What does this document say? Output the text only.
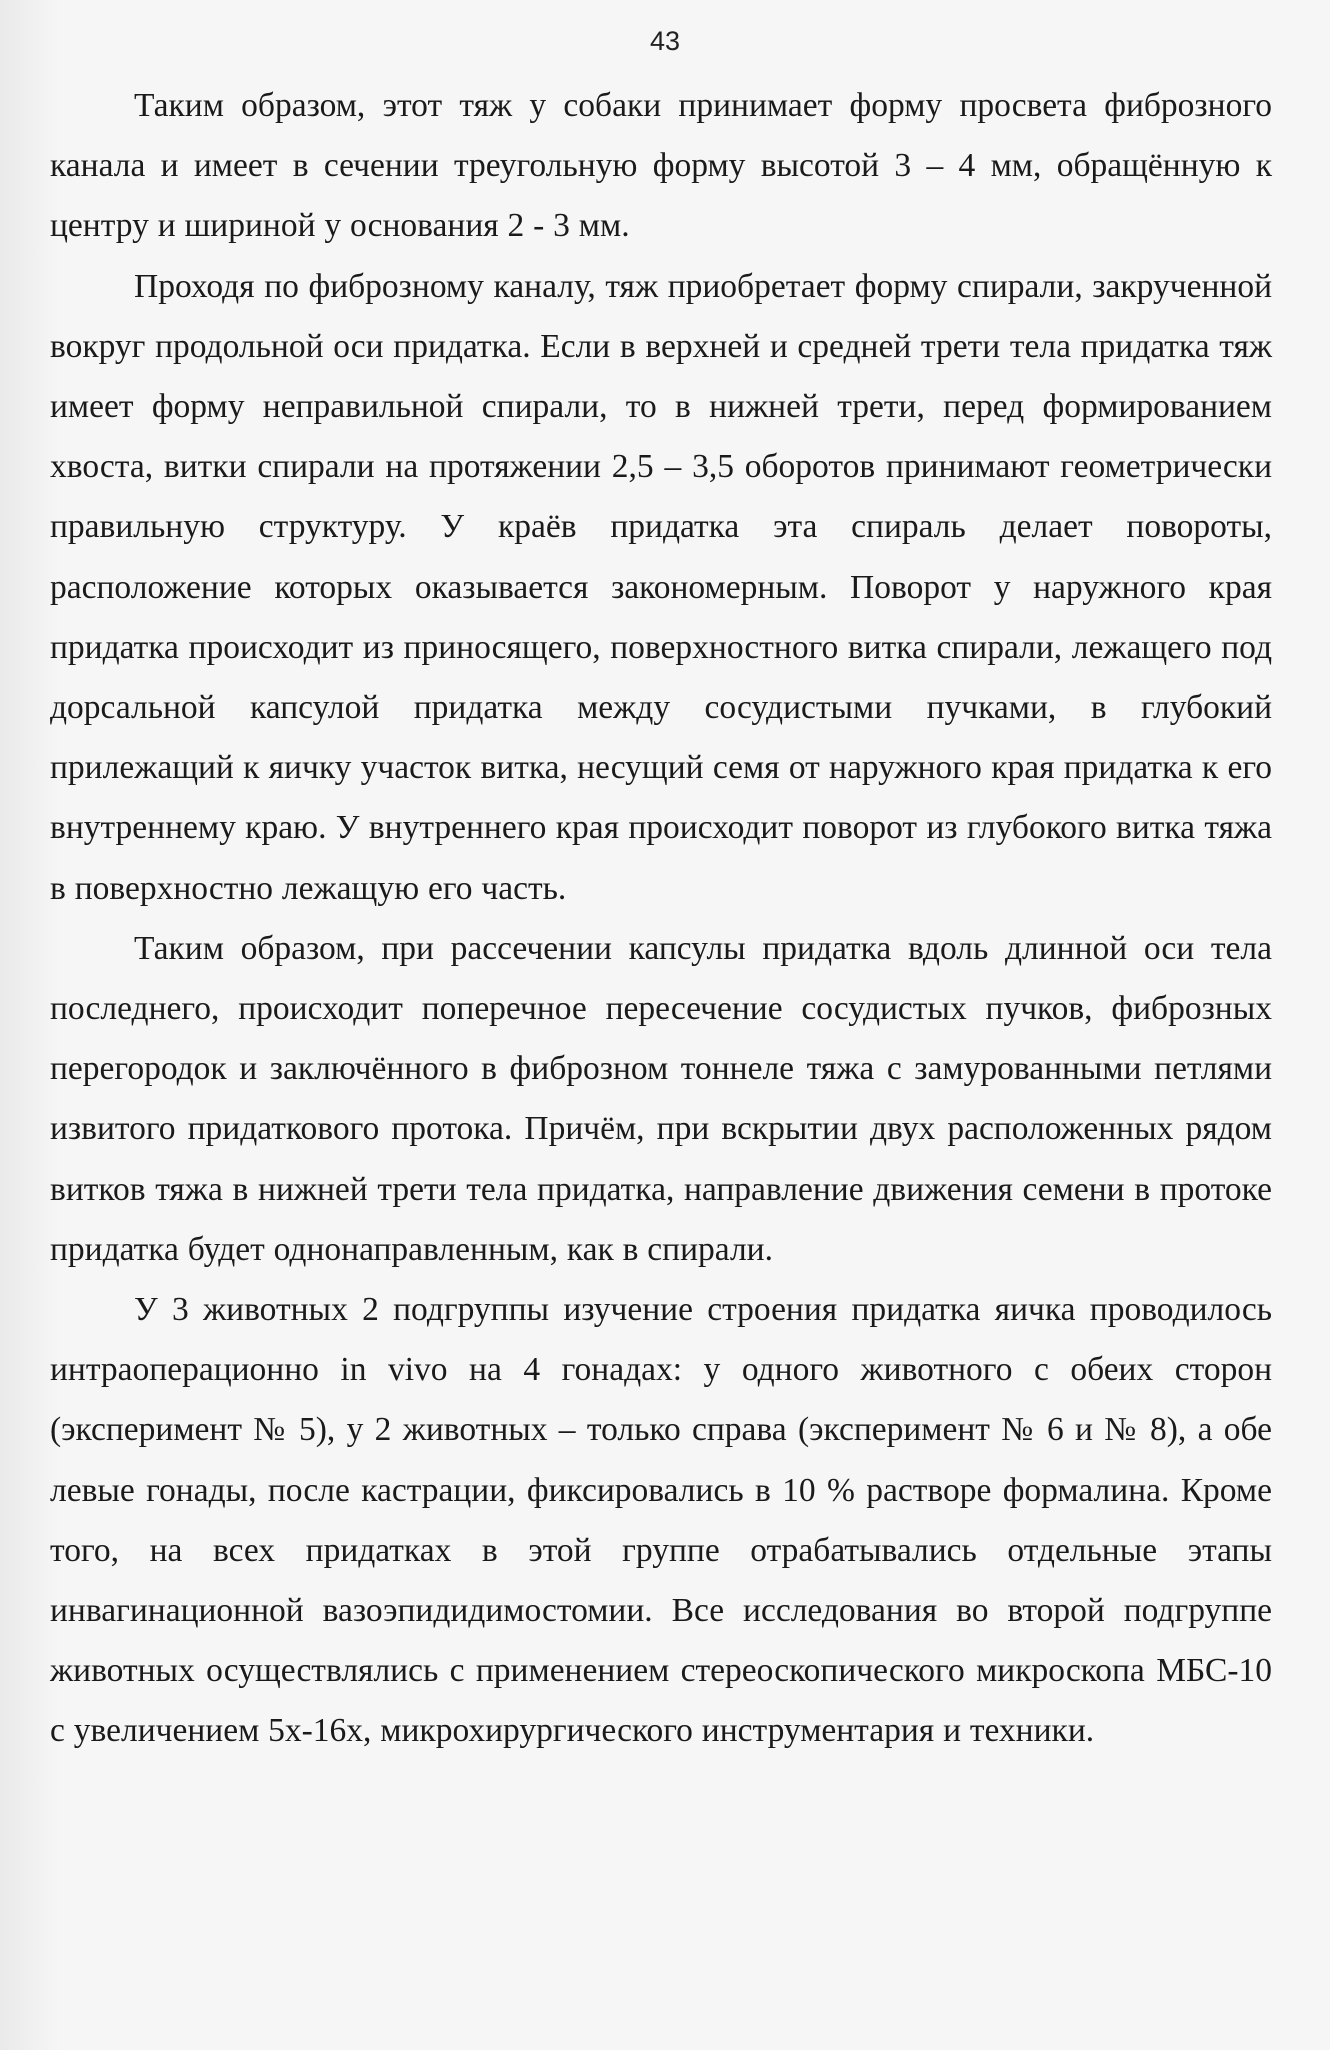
43

Таким образом, этот тяж у собаки принимает форму просвета фиброзного канала и имеет в сечении треугольную форму высотой 3 – 4 мм, обращённую к центру и шириной у основания 2 - 3 мм.

Проходя по фиброзному каналу, тяж приобретает форму спирали, закрученной вокруг продольной оси придатка. Если в верхней и средней трети тела придатка тяж имеет форму неправильной спирали, то в нижней трети, перед формированием хвоста, витки спирали на протяжении 2,5 – 3,5 оборотов принимают геометрически правильную структуру. У краёв придатка эта спираль делает повороты, расположение которых оказывается закономерным. Поворот у наружного края придатка происходит из приносящего, поверхностного витка спирали, лежащего под дорсальной капсулой придатка между сосудистыми пучками, в глубокий прилежащий к яичку участок витка, несущий семя от наружного края придатка к его внутреннему краю. У внутреннего края происходит поворот из глубокого витка тяжа в поверхностно лежащую его часть.

Таким образом, при рассечении капсулы придатка вдоль длинной оси тела последнего, происходит поперечное пересечение сосудистых пучков, фиброзных перегородок и заключённого в фиброзном тоннеле тяжа с замурованными петлями извитого придаткового протока. Причём, при вскрытии двух расположенных рядом витков тяжа в нижней трети тела придатка, направление движения семени в протоке придатка будет однонаправленным, как в спирали.

У 3 животных 2 подгруппы изучение строения придатка яичка проводилось интраоперационно in vivo на 4 гонадах: у одного животного с обеих сторон (эксперимент № 5), у 2 животных – только справа (эксперимент № 6 и № 8), а обе левые гонады, после кастрации, фиксировались в 10 % растворе формалина. Кроме того, на всех придатках в этой группе отрабатывались отдельные этапы инвагинационной вазоэпидидимостомии. Все исследования во второй подгруппе животных осуществлялись с применением стереоскопического микроскопа МБС-10 с увеличением 5х-16х, микрохирургического инструментария и техники.
